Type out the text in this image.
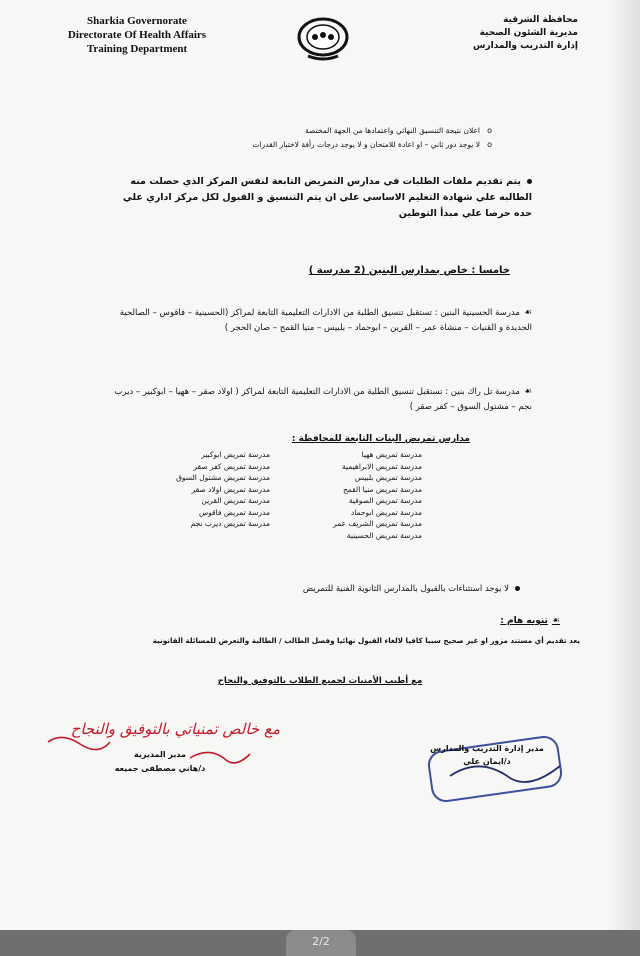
Sharkia Governorate
Directorate Of Health Affairs
Training Department
محافظة الشرقية
مديرية الشئون الصحية
إدارة التدريب والمدارس
o اعلان نتيجة التنسيق النهائي واعتمادها من الجهة المختصة
o لا يوجد دور ثاني – او اعادة للامتحان و لا يوجد درجات رأفة لاختبار القدرات
يتم تقديم ملفات الطلبات في مدارس التمريض التابعة لنفس المركز الذي حصلت منه الطالبه علي شهادة التعليم الاساسي علي ان يتم التنسيق و القبول لكل مركز اداري علي حده حرصا علي مبدأ التوطين
خامسا : خاص بمدارس البنين (2 مدرسة )
☙مدرسة الحسينية البنين : تستقبل تنسيق الطلبة من الادارات التعليمية التابعة لمراكز (الحسينية – فاقوس – الصالحية الجديدة و القنيات – منشاة عمر – القرين – ابوحماد – بلبيس – منيا القمح – صان الحجر )
☙مدرسة تل راك بنين : تستقبل تنسيق الطلبة من الادارات التعليمية التابعة لمراكز ( اولاد صقر – ههيا – ابوكبير – ديرب نجم – مشتول السوق – كفر صقر )
مدارس تمريض البنات التابعة للمحافظة :
مدرسة تمريض ههيا
مدرسة تمريض الابراهيمية
مدرسة تمريض بلبيس
مدرسة تمريض منيا القمح
مدرسة تمريض الصوفية
مدرسة تمريض ابوحماد
مدرسة تمريض الشريف عمر
مدرسة تمريض الحسينية
مدرسة تمريض ابوكبير
مدرسة تمريض كفر صقر
مدرسة تمريض مشتول السوق
مدرسة تمريض اولاد صقر
مدرسة تمريض القرين
مدرسة تمريض فاقوس
مدرسة تمريض ديرب نجم
لا يوجد استثناءات بالقبول بالمدارس الثانوية الفنية للتمريض
☙تنويه هام :
يعد تقديم أي مستند مزور او غير صحيح سببا كافيا لالغاء القبول نهائيا وفصل الطالب / الطالبة والتعرض للمسائلة القانونية
مع أطيب الأمنيات لجميع الطلاب بالتوفيق والنجاح
مع خالص تمنياتي بالتوفيق والنجاح
مدير المديرية
د/هاني مصطفى جميعه
مدير إدارة التدريب والمدارس
د/ايمان علي
2/2
